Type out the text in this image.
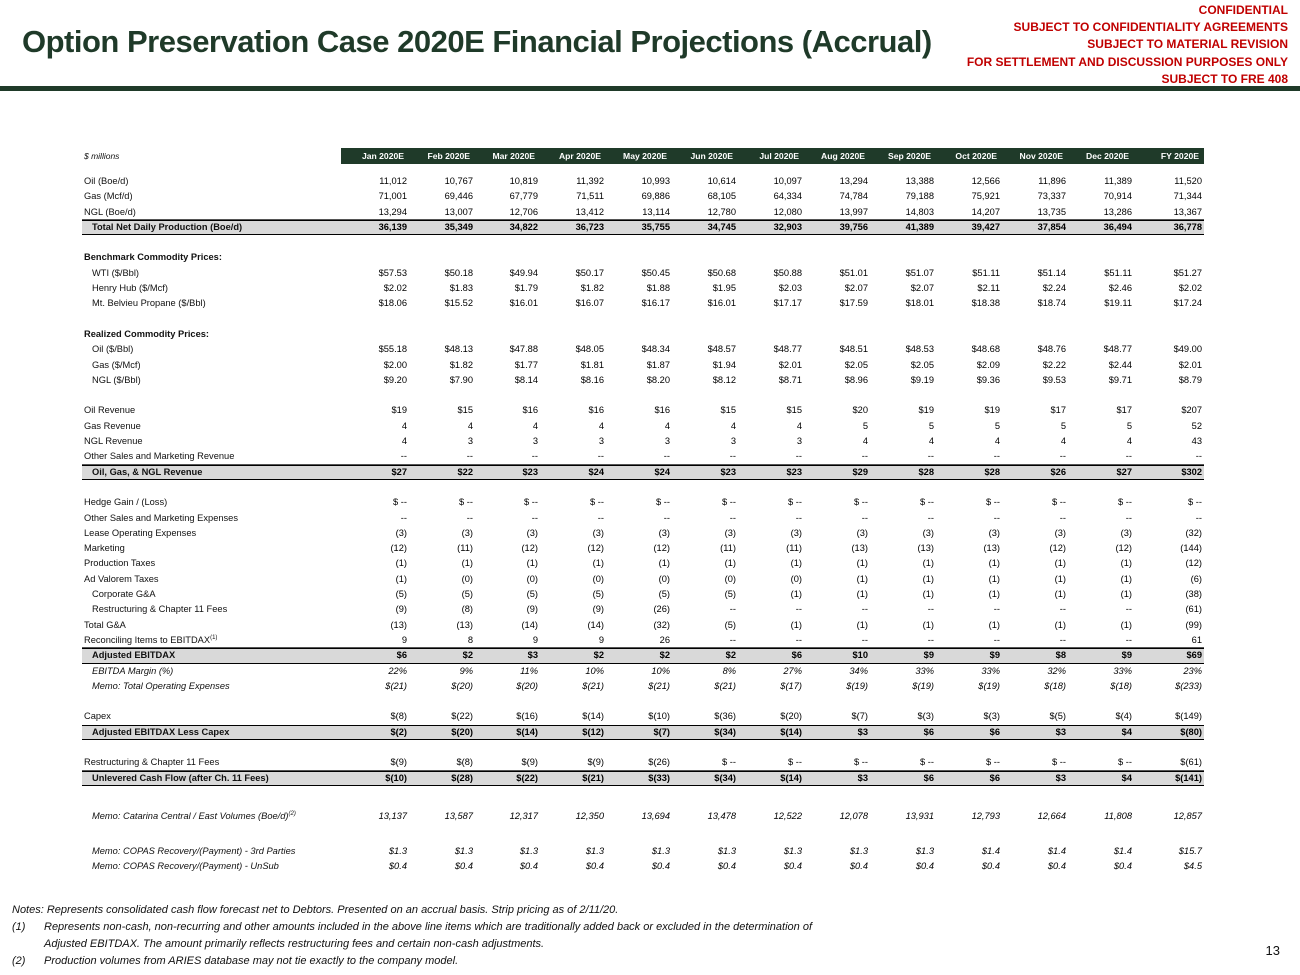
Option Preservation Case 2020E Financial Projections (Accrual)
CONFIDENTIAL
SUBJECT TO CONFIDENTIALITY AGREEMENTS
SUBJECT TO MATERIAL REVISION
FOR SETTLEMENT AND DISCUSSION PURPOSES ONLY
SUBJECT TO FRE 408
$ millions	Jan 2020E	Feb 2020E	Mar 2020E	Apr 2020E	May 2020E	Jun 2020E	Jul 2020E	Aug 2020E	Sep 2020E	Oct 2020E	Nov 2020E	Dec 2020E	FY 2020E
Oil (Boe/d)	11,012	10,767	10,819	11,392	10,993	10,614	10,097	13,294	13,388	12,566	11,896	11,389	11,520
Gas (Mcf/d)	71,001	69,446	67,779	71,511	69,886	68,105	64,334	74,784	79,188	75,921	73,337	70,914	71,344
NGL (Boe/d)	13,294	13,007	12,706	13,412	13,114	12,780	12,080	13,997	14,803	14,207	13,735	13,286	13,367
Total Net Daily Production (Boe/d)	36,139	35,349	34,822	36,723	35,755	34,745	32,903	39,756	41,389	39,427	37,854	36,494	36,778
Benchmark Commodity Prices:
WTI ($/Bbl)	$57.53	$50.18	$49.94	$50.17	$50.45	$50.68	$50.88	$51.01	$51.07	$51.11	$51.14	$51.11	$51.27
Henry Hub ($/Mcf)	$2.02	$1.83	$1.79	$1.82	$1.88	$1.95	$2.03	$2.07	$2.07	$2.11	$2.24	$2.46	$2.02
Mt. Belvieu Propane ($/Bbl)	$18.06	$15.52	$16.01	$16.07	$16.17	$16.01	$17.17	$17.59	$18.01	$18.38	$18.74	$19.11	$17.24
Realized Commodity Prices:
Oil ($/Bbl)	$55.18	$48.13	$47.88	$48.05	$48.34	$48.57	$48.77	$48.51	$48.53	$48.68	$48.76	$48.77	$49.00
Gas ($/Mcf)	$2.00	$1.82	$1.77	$1.81	$1.87	$1.94	$2.01	$2.05	$2.05	$2.09	$2.22	$2.44	$2.01
NGL ($/Bbl)	$9.20	$7.90	$8.14	$8.16	$8.20	$8.12	$8.71	$8.96	$9.19	$9.36	$9.53	$9.71	$8.79
Oil Revenue	$19	$15	$16	$16	$16	$15	$15	$20	$19	$19	$17	$17	$207
Gas Revenue	4	4	4	4	4	4	4	5	5	5	5	5	52
NGL Revenue	4	3	3	3	3	3	3	4	4	4	4	4	43
Other Sales and Marketing Revenue	--	--	--	--	--	--	--	--	--	--	--	--	--
Oil, Gas, & NGL Revenue	$27	$22	$23	$24	$24	$23	$23	$29	$28	$28	$26	$27	$302
Hedge Gain / (Loss)	$ --	$ --	$ --	$ --	$ --	$ --	$ --	$ --	$ --	$ --	$ --	$ --	$ --
Other Sales and Marketing Expenses	--	--	--	--	--	--	--	--	--	--	--	--	--
Lease Operating Expenses	(3)	(3)	(3)	(3)	(3)	(3)	(3)	(3)	(3)	(3)	(3)	(3)	(32)
Marketing	(12)	(11)	(12)	(12)	(12)	(11)	(11)	(13)	(13)	(13)	(12)	(12)	(144)
Production Taxes	(1)	(1)	(1)	(1)	(1)	(1)	(1)	(1)	(1)	(1)	(1)	(1)	(12)
Ad Valorem Taxes	(1)	(0)	(0)	(0)	(0)	(0)	(0)	(1)	(1)	(1)	(1)	(1)	(6)
Corporate G&A	(5)	(5)	(5)	(5)	(5)	(5)	(1)	(1)	(1)	(1)	(1)	(1)	(38)
Restructuring & Chapter 11 Fees	(9)	(8)	(9)	(9)	(26)	--	--	--	--	--	--	--	(61)
Total G&A	(13)	(13)	(14)	(14)	(32)	(5)	(1)	(1)	(1)	(1)	(1)	(1)	(99)
Reconciling Items to EBITDAX$^{(1)}$	9	8	9	9	26	--	--	--	--	--	--	--	61
Adjusted EBITDAX	$6	$2	$3	$2	$2	$2	$6	$10	$9	$9	$8	$9	$69
EBITDA Margin (%)	22%	9%	11%	10%	10%	8%	27%	34%	33%	33%	32%	33%	23%
Memo: Total Operating Expenses	$(21)	$(20)	$(20)	$(21)	$(21)	$(21)	$(17)	$(19)	$(19)	$(19)	$(18)	$(18)	$(233)
Capex	$(8)	$(22)	$(16)	$(14)	$(10)	$(36)	$(20)	$(7)	$(3)	$(3)	$(5)	$(4)	$(149)
Adjusted EBITDAX Less Capex	$(2)	$(20)	$(14)	$(12)	$(7)	$(34)	$(14)	$3	$6	$6	$3	$4	$(80)
Restructuring & Chapter 11 Fees	$(9)	$(8)	$(9)	$(9)	$(26)	$ --	$ --	$ --	$ --	$ --	$ --	$ --	$(61)
Unlevered Cash Flow (after Ch. 11 Fees)	$(10)	$(28)	$(22)	$(21)	$(33)	$(34)	$(14)	$3	$6	$6	$3	$4	$(141)
Memo: Catarina Central / East Volumes $(Boe/d)^{(2)}$	13,137	13,587	12,317	12,350	13,694	13,478	12,522	12,078	13,931	12,793	12,664	11,808	12,857
Memo: COPAS Recovery/(Payment) - 3rd Parties	$1.3	$1.3	$1.3	$1.3	$1.3	$1.3	$1.3	$1.3	$1.3	$1.4	$1.4	$1.4	$15.7
Memo: COPAS Recovery/(Payment) - UnSub	$0.4	$0.4	$0.4	$0.4	$0.4	$0.4	$0.4	$0.4	$0.4	$0.4	$0.4	$0.4	$4.5
Notes: Represents consolidated cash flow forecast net to Debtors. Presented on an accrual basis. Strip pricing as of 2/11/20.
(1)	Represents non-cash, non-recurring and other amounts included in the above line items which are traditionally added back or excluded in the determination of
Adjusted EBITDAX. The amount primarily reflects restructuring fees and certain non-cash adjustments.
(2)	Production volumes from ARIES database may not tie exactly to the company model.
13
